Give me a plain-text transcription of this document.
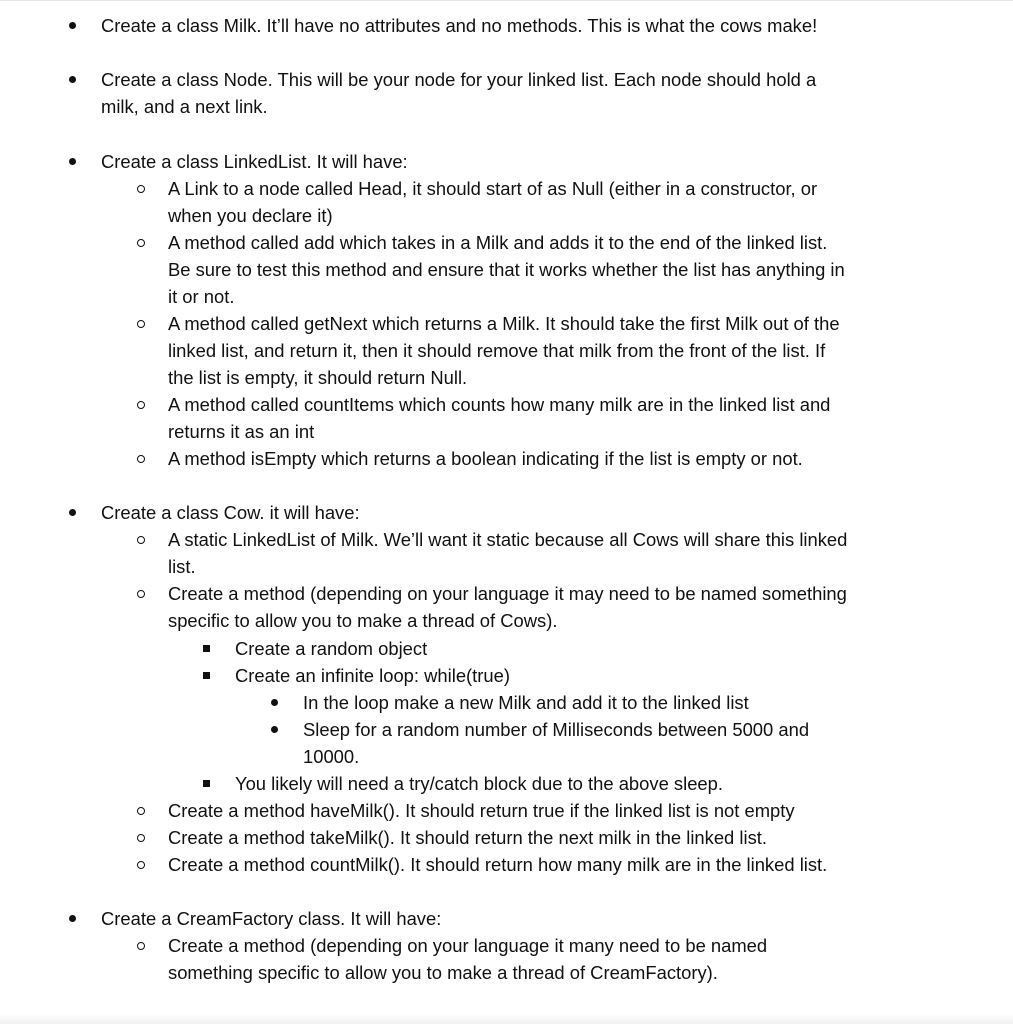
Create a class Milk. It’ll have no attributes and no methods. This is what the cows make!
Create a class Node. This will be your node for your linked list. Each node should hold a
milk, and a next link.
Create a class LinkedList. It will have:
A Link to a node called Head, it should start of as Null (either in a constructor, or
when you declare it)
A method called add which takes in a Milk and adds it to the end of the linked list.
Be sure to test this method and ensure that it works whether the list has anything in
it or not.
A method called getNext which returns a Milk. It should take the first Milk out of the
linked list, and return it, then it should remove that milk from the front of the list. If
the list is empty, it should return Null.
A method called countItems which counts how many milk are in the linked list and
returns it as an int
A method isEmpty which returns a boolean indicating if the list is empty or not.
Create a class Cow. it will have:
A static LinkedList of Milk. We’ll want it static because all Cows will share this linked
list.
Create a method (depending on your language it may need to be named something
specific to allow you to make a thread of Cows).
Create a random object
Create an infinite loop: while(true)
In the loop make a new Milk and add it to the linked list
Sleep for a random number of Milliseconds between 5000 and
10000.
You likely will need a try/catch block due to the above sleep.
Create a method haveMilk(). It should return true if the linked list is not empty
Create a method takeMilk(). It should return the next milk in the linked list.
Create a method countMilk(). It should return how many milk are in the linked list.
Create a CreamFactory class. It will have:
Create a method (depending on your language it many need to be named
something specific to allow you to make a thread of CreamFactory).
